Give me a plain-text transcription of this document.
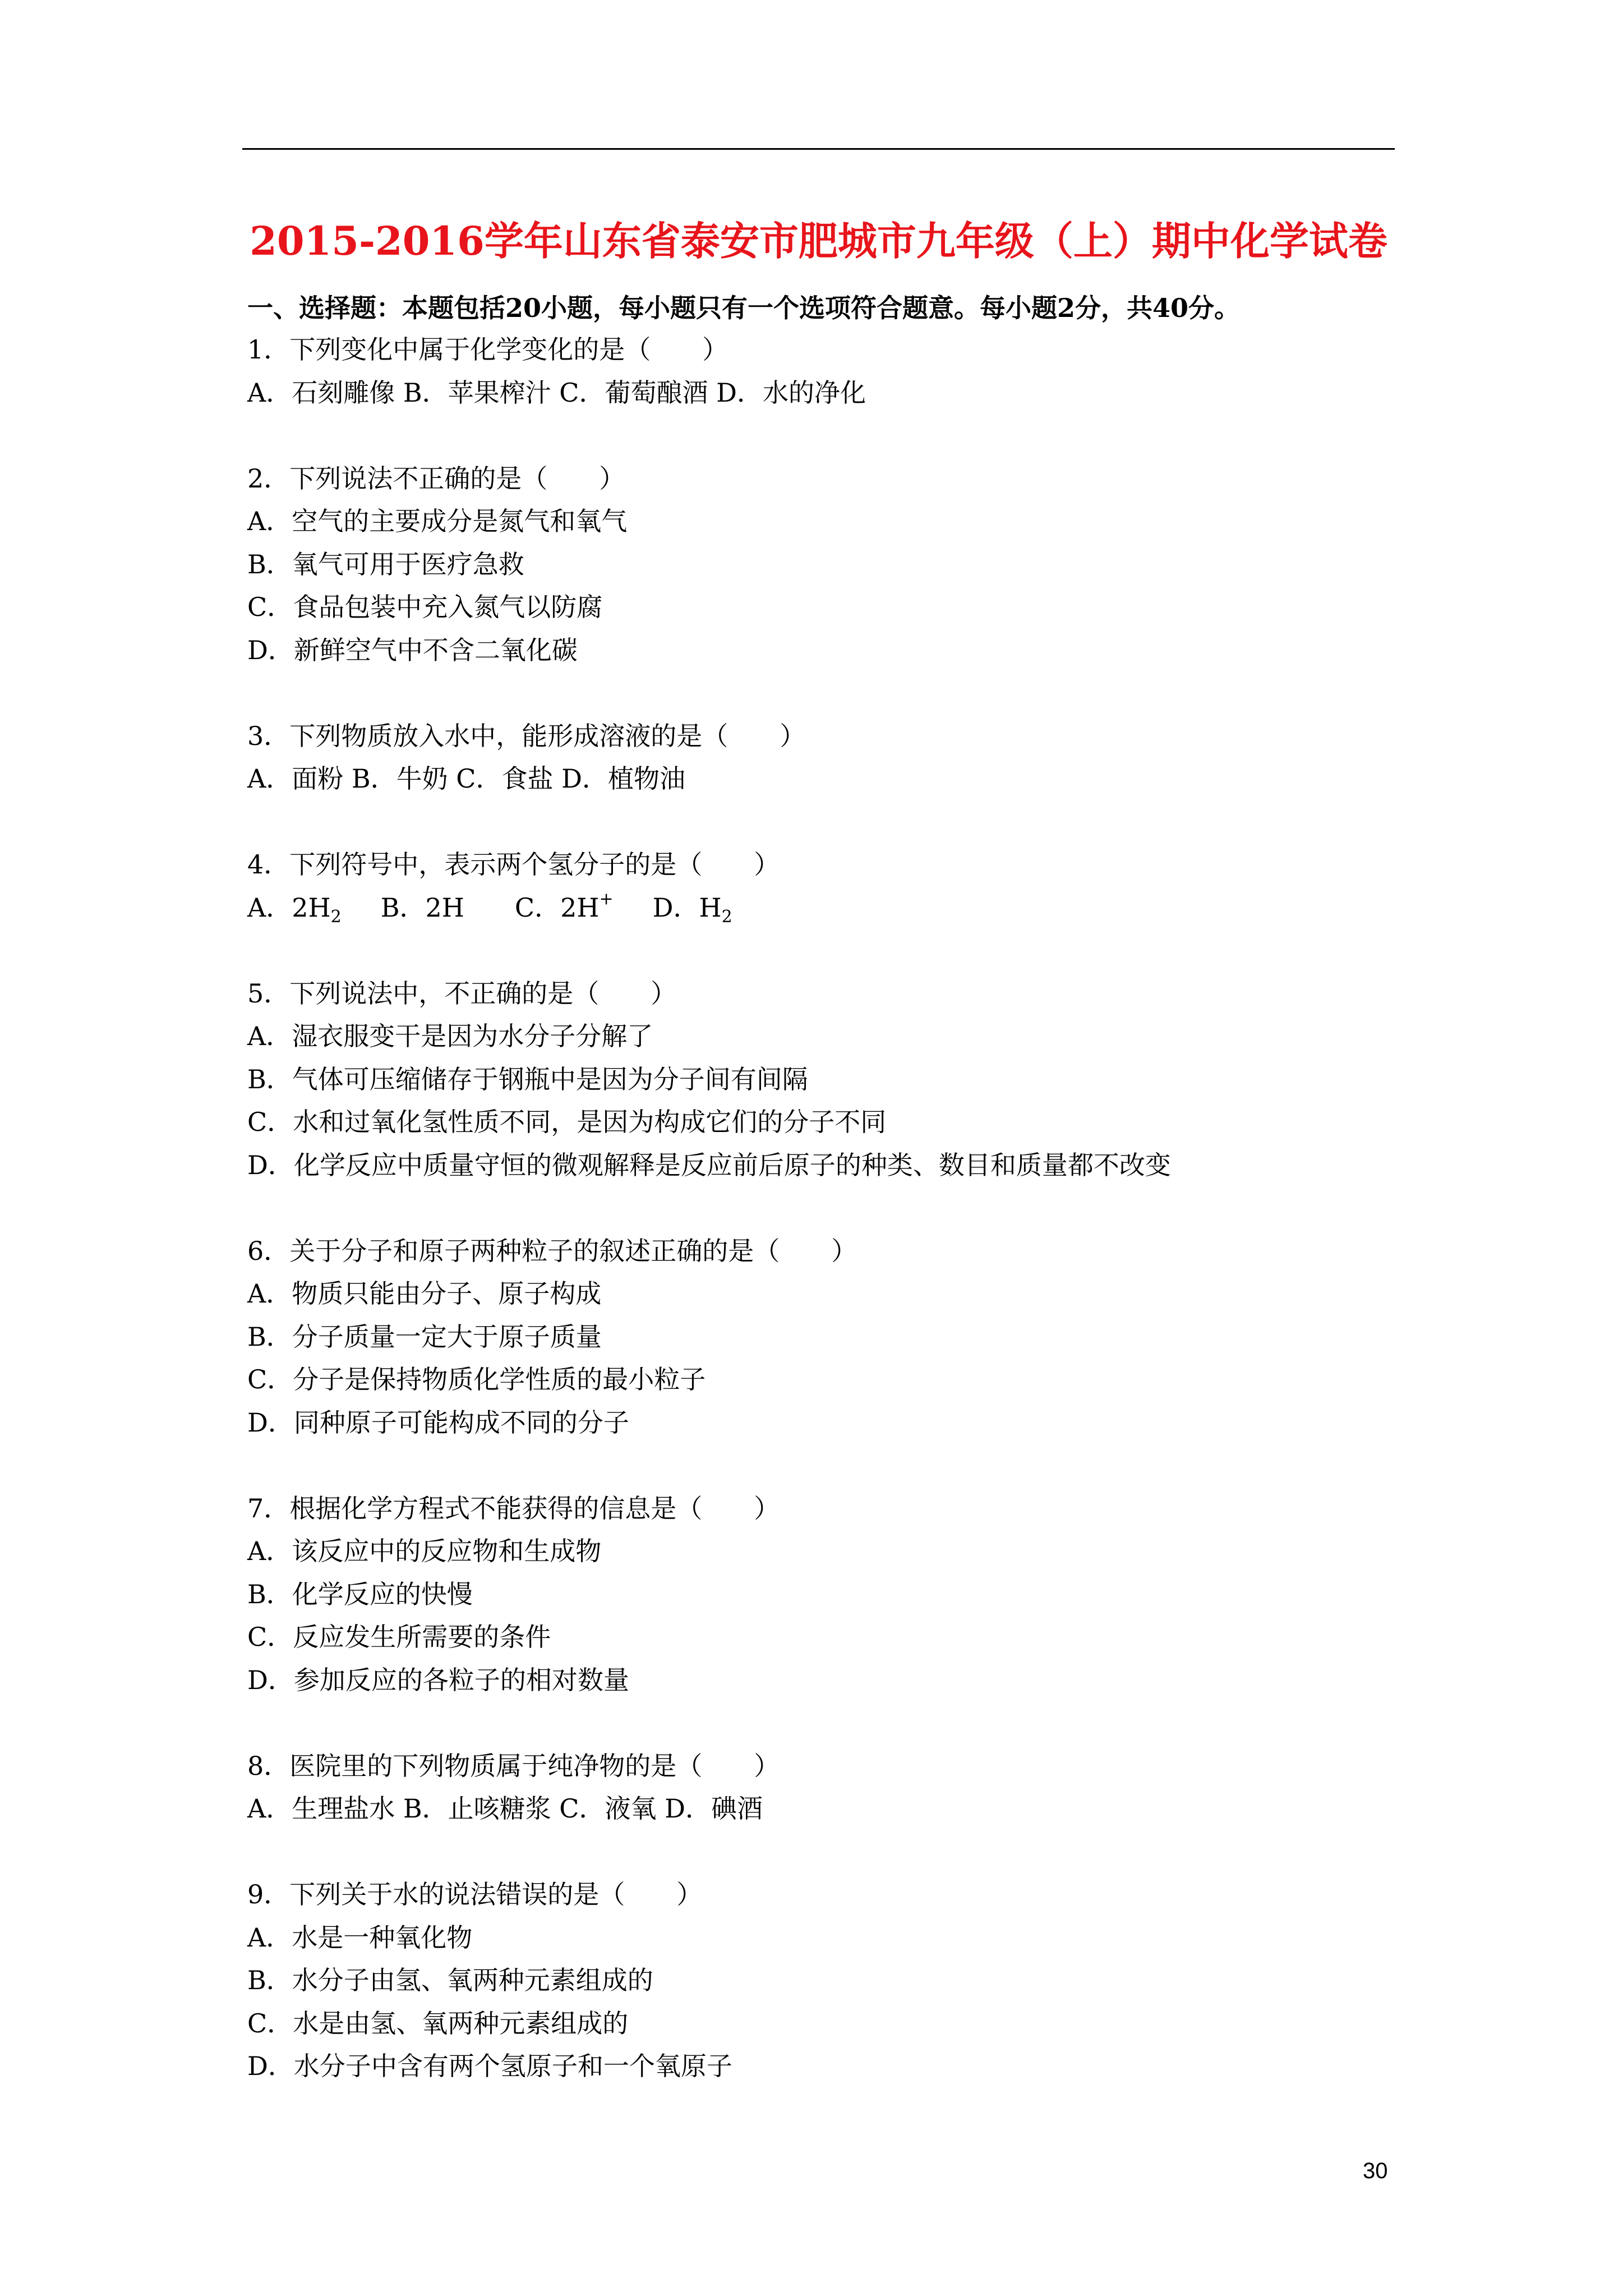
2015-2016学年山东省泰安市肥城市九年级（上）期中化学试卷
一、选择题：本题包括20小题，每小题只有一个选项符合题意。每小题2分，共40分。
1．下列变化中属于化学变化的是（　　）
A．石刻雕像 B．苹果榨汁 C．葡萄酿酒 D．水的净化
2．下列说法不正确的是（　　）
A．空气的主要成分是氮气和氧气
B．氧气可用于医疗急救
C．食品包装中充入氮气以防腐
D．新鲜空气中不含二氧化碳
3．下列物质放入水中，能形成溶液的是（　　）
A．面粉 B．牛奶 C．食盐 D．植物油
4．下列符号中，表示两个氢分子的是（　　）
A．$2H_2$ B．2H C．2H+ D．$H_2$
5．下列说法中，不正确的是（　　）
A．湿衣服变干是因为水分子分解了
B．气体可压缩储存于钢瓶中是因为分子间有间隔
C．水和过氧化氢性质不同，是因为构成它们的分子不同
D．化学反应中质量守恒的微观解释是反应前后原子的种类、数目和质量都不改变
6．关于分子和原子两种粒子的叙述正确的是（　　）
A．物质只能由分子、原子构成
B．分子质量一定大于原子质量
C．分子是保持物质化学性质的最小粒子
D．同种原子可能构成不同的分子
7．根据化学方程式不能获得的信息是（　　）
A．该反应中的反应物和生成物
B．化学反应的快慢
C．反应发生所需要的条件
D．参加反应的各粒子的相对数量
8．医院里的下列物质属于纯净物的是（　　）
A．生理盐水 B．止咳糖浆 C．液氧 D．碘酒
9．下列关于水的说法错误的是（　　）
A．水是一种氧化物
B．水分子由氢、氧两种元素组成的
C．水是由氢、氧两种元素组成的
D．水分子中含有两个氢原子和一个氧原子
30
